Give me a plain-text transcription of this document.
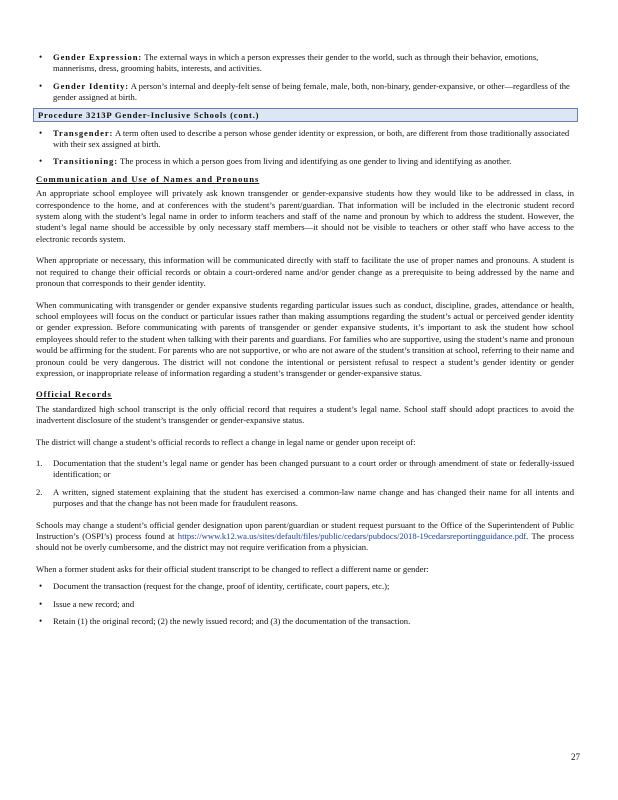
• Gender Expression: The external ways in which a person expresses their gender to the world, such as through their behavior, emotions, mannerisms, dress, grooming habits, interests, and activities.
• Gender Identity: A person’s internal and deeply-felt sense of being female, male, both, non-binary, gender-expansive, or other—regardless of the gender assigned at birth.
Procedure 3213P Gender-Inclusive Schools (cont.)
• Transgender: A term often used to describe a person whose gender identity or expression, or both, are different from those traditionally associated with their sex assigned at birth.
• Transitioning: The process in which a person goes from living and identifying as one gender to living and identifying as another.
Communication and Use of Names and Pronouns

An appropriate school employee will privately ask known transgender or gender-expansive students how they would like to be addressed in class, in correspondence to the home, and at conferences with the student’s parent/guardian. That information will be included in the electronic student record system along with the student’s legal name in order to inform teachers and staff of the name and pronoun by which to address the student. However, the student’s legal name should be accessible by only necessary staff members—it should not be visible to teachers or other staff who have access to the electronic records system.

When appropriate or necessary, this information will be communicated directly with staff to facilitate the use of proper names and pronouns. A student is not required to change their official records or obtain a court-ordered name and/or gender change as a prerequisite to being addressed by the name and pronoun that corresponds to their gender identity.

When communicating with transgender or gender expansive students regarding particular issues such as conduct, discipline, grades, attendance or health, school employees will focus on the conduct or particular issues rather than making assumptions regarding the student’s actual or perceived gender identity or gender expression. Before communicating with parents of transgender or gender expansive students, it’s important to ask the student how school employees should refer to the student when talking with their parents and guardians. For families who are supportive, using the student’s name and pronoun would be affirming for the student. For parents who are not supportive, or who are not aware of the student’s transition at school, referring to their name and pronoun could be very dangerous. The district will not condone the intentional or persistent refusal to respect a student’s gender identity or gender expression, or inappropriate release of information regarding a student’s transgender or gender-expansive status.

Official Records

The standardized high school transcript is the only official record that requires a student’s legal name. School staff should adopt practices to avoid the inadvertent disclosure of the student’s transgender or gender-expansive status.

The district will change a student’s official records to reflect a change in legal name or gender upon receipt of:

1. Documentation that the student’s legal name or gender has been changed pursuant to a court order or through amendment of state or federally-issued identification; or
2. A written, signed statement explaining that the student has exercised a common-law name change and has changed their name for all intents and purposes and that the change has not been made for fraudulent reasons.

Schools may change a student’s official gender designation upon parent/guardian or student request pursuant to the Office of the Superintendent of Public Instruction’s (OSPI’s) process found at https://www.k12.wa.us/sites/default/files/public/cedars/pubdocs/2018-19cedarsreportingguidance.pdf. The process should not be overly cumbersome, and the district may not require verification from a physician.

When a former student asks for their official student transcript to be changed to reflect a different name or gender:

• Document the transaction (request for the change, proof of identity, certificate, court papers, etc.);
• Issue a new record; and
• Retain (1) the original record; (2) the newly issued record; and (3) the documentation of the transaction.
27
